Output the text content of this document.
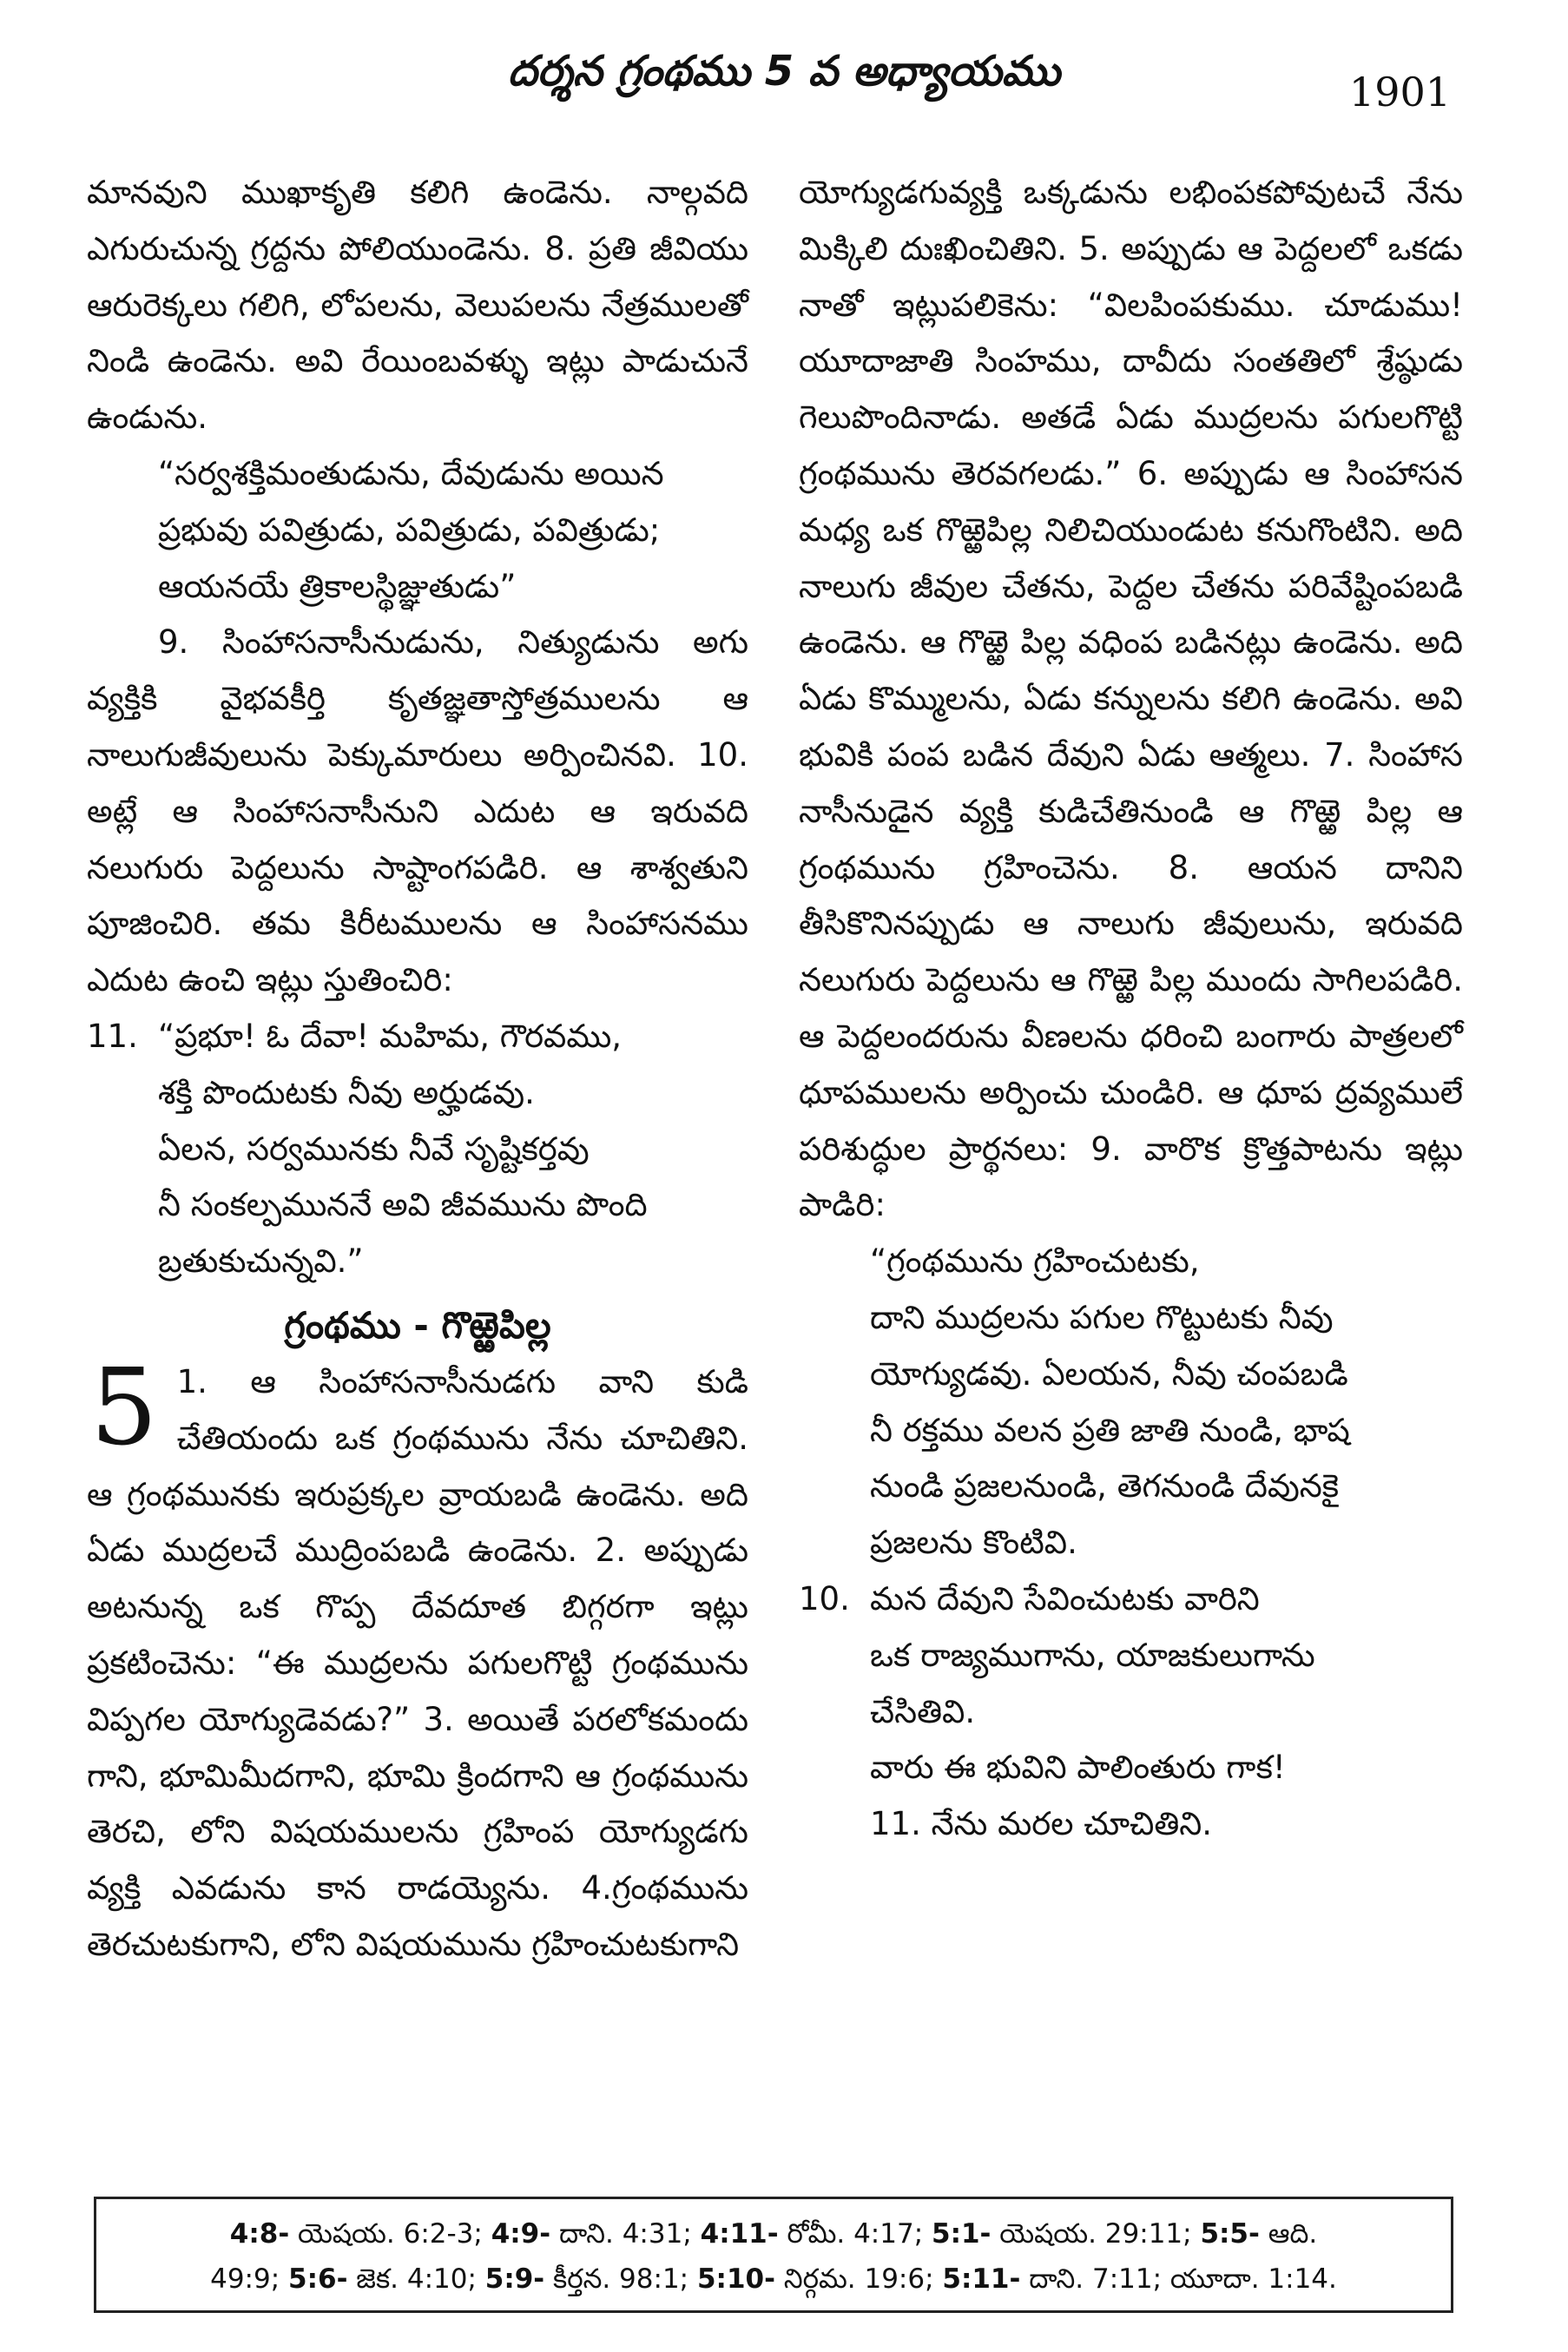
దర్శన గ్రంథము 5 వ అధ్యాయము	1901

మానవుని ముఖాకృతి కలిగి ఉండెను. నాల్గవది ఎగురుచున్న గ్రద్దను పోలియుండెను. 8. ప్రతి జీవియు ఆరురెక్కలు గలిగి, లోపలను, వెలుపలను నేత్రములతో నిండి ఉండెను. అవి రేయింబవళ్ళు ఇట్లు పాడుచునే ఉండును.

“సర్వశక్తిమంతుడును, దేవుడును అయిన
ప్రభువు పవిత్రుడు, పవిత్రుడు, పవిత్రుడు;
ఆయనయే త్రికాలస్థిజ్ఞుతుడు”

9. సింహాసనాసీనుడును, నిత్యుడును అగు వ్యక్తికి వైభవకీర్తి కృతజ్ఞతాస్తోత్రములను ఆ నాలుగుజీవులును పెక్కుమారులు అర్పించినవి. 10. అట్లే ఆ సింహాసనాసీనుని ఎదుట ఆ ఇరువది నలుగురు పెద్దలును సాష్టాంగపడిరి. ఆ శాశ్వతుని పూజించిరి. తమ కిరీటములను ఆ సింహాసనము ఎదుట ఉంచి ఇట్లు స్తుతించిరి:

11. “ప్రభూ! ఓ దేవా! మహిమ, గౌరవము,
శక్తి పొందుటకు నీవు అర్హుడవు.
ఏలన, సర్వమునకు నీవే సృష్టికర్తవు
నీ సంకల్పముననే అవి జీవమును పొంది
బ్రతుకుచున్నవి.”
గ్రంథము - గొఱ్ఱెపిల్ల
5 1. ఆ సింహాసనాసీనుడగు వాని కుడి చేతియందు ఒక గ్రంథమును నేను చూచితిని. ఆ గ్రంథమునకు ఇరుప్రక్కల వ్రాయబడి ఉండెను. అది ఏడు ముద్రలచే ముద్రింపబడి ఉండెను. 2. అప్పుడు అటనున్న ఒక గొప్ప దేవదూత బిగ్గరగా ఇట్లు ప్రకటించెను: “ఈ ముద్రలను పగులగొట్టి గ్రంథమును విప్పగల యోగ్యుడెవడు?” 3. అయితే పరలోకమందు గాని, భూమిమీదగాని, భూమి క్రిందగాని ఆ గ్రంథమును తెరచి, లోని విషయములను గ్రహింప యోగ్యుడగు వ్యక్తి ఎవడును కాన రాడయ్యెను. 4.గ్రంథమును తెరచుటకుగాని, లోని విషయమును గ్రహించుటకుగాని

యోగ్యుడగువ్యక్తి ఒక్కడును లభింపకపోవుటచే నేను మిక్కిలి దుఃఖించితిని. 5. అప్పుడు ఆ పెద్దలలో ఒకడు నాతో ఇట్లుపలికెను: “విలపింపకుము. చూడుము! యూదాజాతి సింహము, దావీదు సంతతిలో శ్రేష్ఠుడు గెలుపొందినాడు. అతడే ఏడు ముద్రలను పగులగొట్టి గ్రంథమును తెరవగలడు.” 6. అప్పుడు ఆ సింహాసన మధ్య ఒక గొఱ్ఱెపిల్ల నిలిచియుండుట కనుగొంటిని. అది నాలుగు జీవుల చేతను, పెద్దల చేతను పరివేష్టింపబడి ఉండెను. ఆ గొఱ్ఱె పిల్ల వధింప బడినట్లు ఉండెను. అది ఏడు కొమ్ములను, ఏడు కన్నులను కలిగి ఉండెను. అవి భువికి పంప బడిన దేవుని ఏడు ఆత్మలు. 7. సింహాస నాసీనుడైన వ్యక్తి కుడిచేతినుండి ఆ గొఱ్ఱె పిల్ల ఆ గ్రంథమును గ్రహించెను. 8. ఆయన దానిని తీసికొనినప్పుడు ఆ నాలుగు జీవులును, ఇరువది నలుగురు పెద్దలును ఆ గొఱ్ఱె పిల్ల ముందు సాగిలపడిరి. ఆ పెద్దలందరును వీణలను ధరించి బంగారు పాత్రలలో ధూపములను అర్పించు చుండిరి. ఆ ధూప ద్రవ్యములే పరిశుద్ధుల ప్రార్థనలు: 9. వారొక క్రొత్తపాటను ఇట్లు పాడిరి:

“గ్రంథమును గ్రహించుటకు,
దాని ముద్రలను పగుల గొట్టుటకు నీవు
యోగ్యుడవు. ఏలయన, నీవు చంపబడి
నీ రక్తము వలన ప్రతి జాతి నుండి, భాష
నుండి ప్రజలనుండి, తెగనుండి దేవునకై
ప్రజలను కొంటివి.
10. మన దేవుని సేవించుటకు వారిని
ఒక రాజ్యముగాను, యాజకులుగాను
చేసితివి.
వారు ఈ భువిని పాలింతురు గాక!

11. నేను మరల చూచితిని.

4:8- యెషయ. 6:2-3; 4:9- దాని. 4:31; 4:11- రోమీ. 4:17; 5:1- యెషయ. 29:11; 5:5- ఆది.
49:9; 5:6- జెక. 4:10; 5:9- కీర్తన. 98:1; 5:10- నిర్గమ. 19:6; 5:11- దాని. 7:11; యూదా. 1:14.
